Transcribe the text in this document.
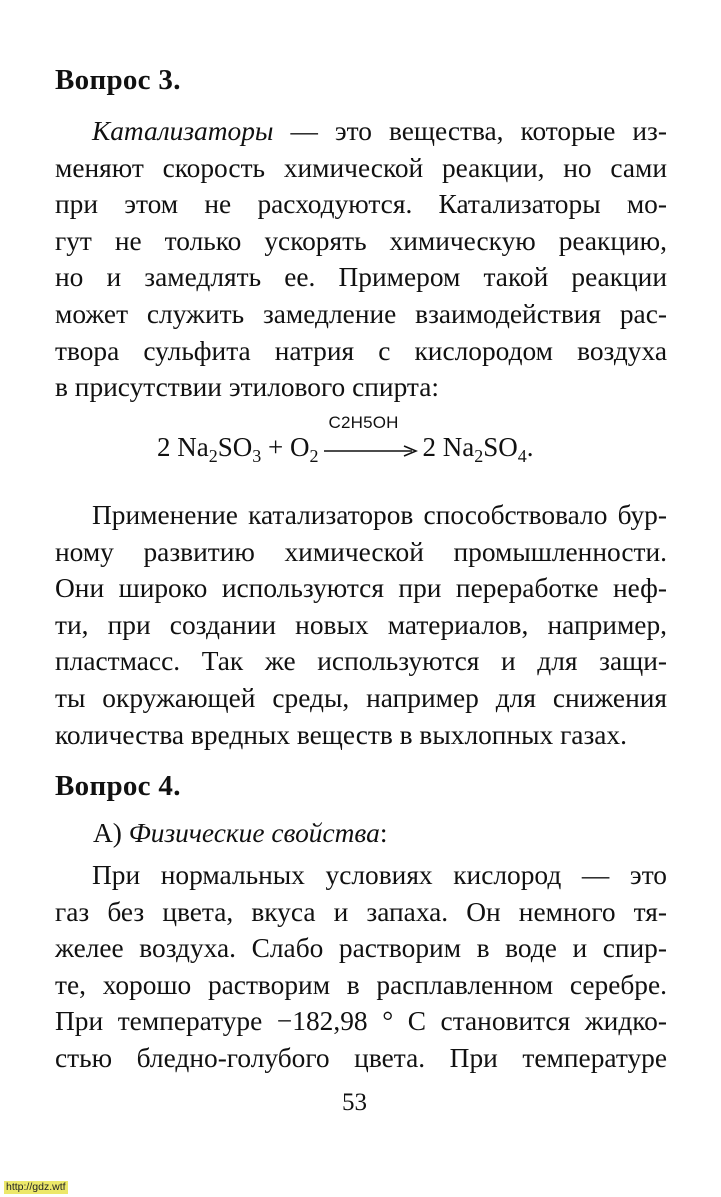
Вопрос 3.
Катализаторы — это вещества, которые из-
меняют скорость химической реакции, но сами
при этом не расходуются. Катализаторы мо-
гут не только ускорять химическую реакцию,
но и замедлять ее. Примером такой реакции
может служить замедление взаимодействия рас-
твора сульфита натрия с кислородом воздуха
в присутствии этилового спирта:
2 $Na_2SO_3 + O_2$
C2H5OH
2 $Na_2SO_4$.
Применение катализаторов способствовало бур-
ному развитию химической промышленности.
Они широко используются при переработке неф-
ти, при создании новых материалов, например,
пластмасс. Так же используются и для защи-
ты окружающей среды, например для снижения
количества вредных веществ в выхлопных газах.
Вопрос 4.
А) Физические свойства:
При нормальных условиях кислород — это
газ без цвета, вкуса и запаха. Он немного тя-
желее воздуха. Слабо растворим в воде и спир-
те, хорошо растворим в расплавленном серебре.
При температуре −182,98 ° С становится жидко-
стью бледно-голубого цвета. При температуре
53
http://gdz.wtf
